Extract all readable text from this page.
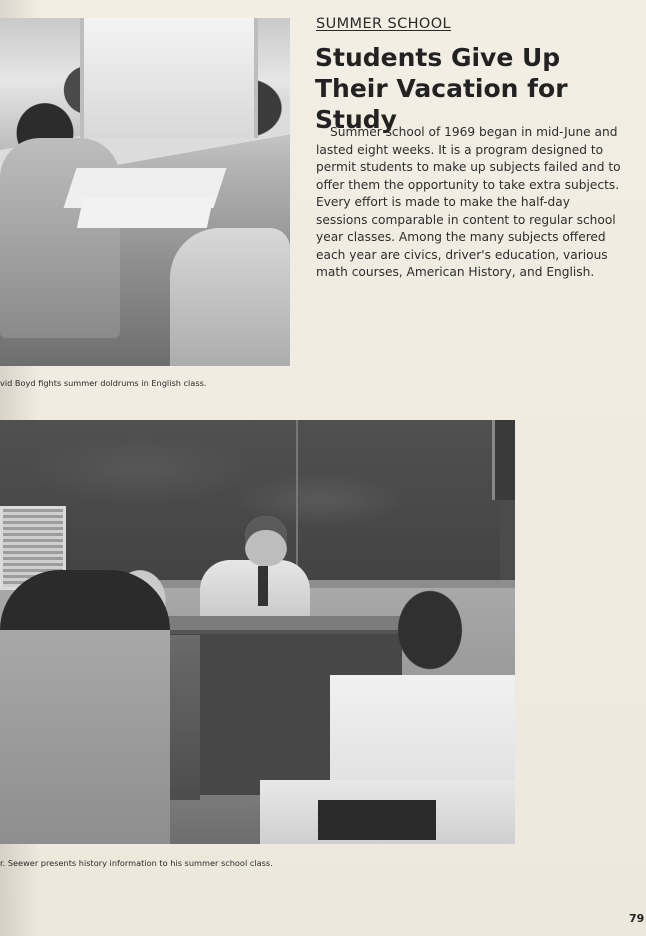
SUMMER SCHOOL
Students Give Up Their Vacation for Study

Summer school of 1969 began in mid-June and lasted eight weeks. It is a program designed to permit students to make up subjects failed and to offer them the opportunity to take extra subjects. Every effort is made to make the half-day sessions comparable in content to regular school year classes. Among the many subjects offered each year are civics, driver's education, various math courses, American History, and English.

vid Boyd fights summer doldrums in English class.
r. Seewer presents history information to his summer school class.
79
